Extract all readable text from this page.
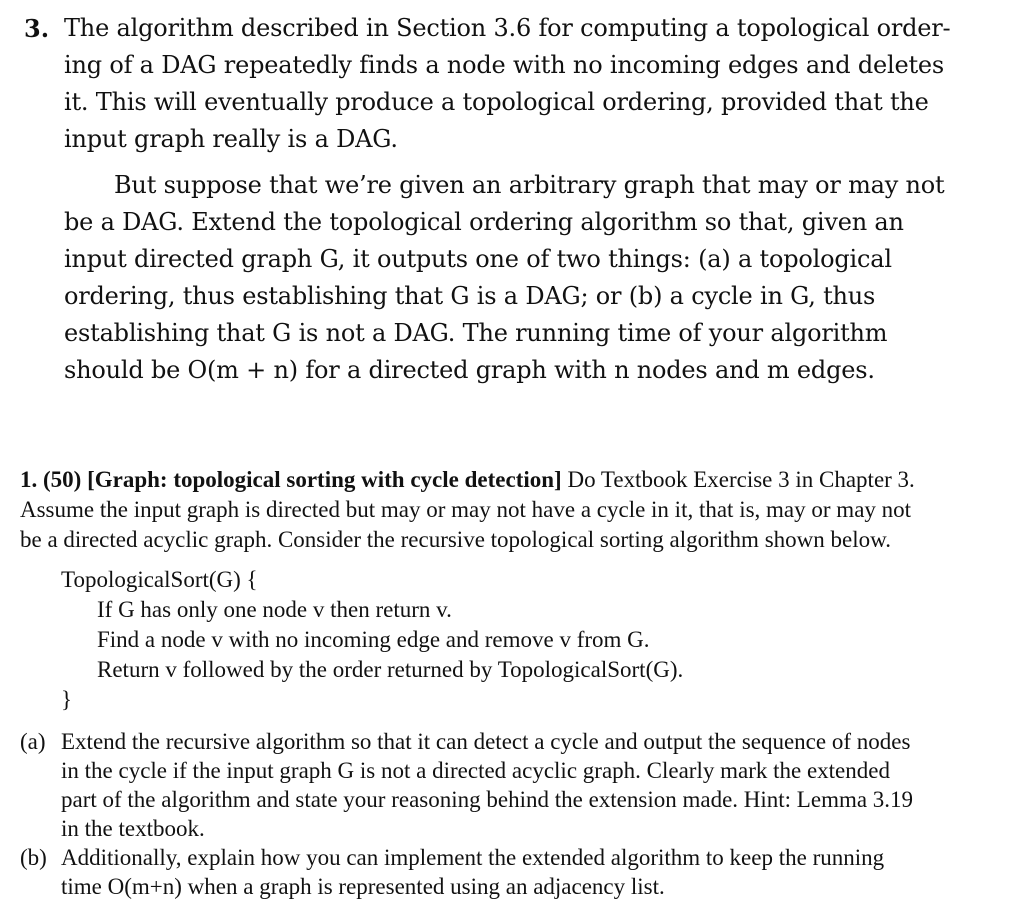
3. The algorithm described in Section 3.6 for computing a topological order-
ing of a DAG repeatedly finds a node with no incoming edges and deletes
it. This will eventually produce a topological ordering, provided that the
input graph really is a DAG.
But suppose that we’re given an arbitrary graph that may or may not
be a DAG. Extend the topological ordering algorithm so that, given an
input directed graph G, it outputs one of two things: (a) a topological
ordering, thus establishing that G is a DAG; or (b) a cycle in G, thus
establishing that G is not a DAG. The running time of your algorithm
should be O(m + n) for a directed graph with n nodes and m edges.
1. (50) [Graph: topological sorting with cycle detection] Do Textbook Exercise 3 in Chapter 3.
Assume the input graph is directed but may or may not have a cycle in it, that is, may or may not
be a directed acyclic graph. Consider the recursive topological sorting algorithm shown below.
TopologicalSort(G) {
If G has only one node v then return v.
Find a node v with no incoming edge and remove v from G.
Return v followed by the order returned by TopologicalSort(G).
}
(a) Extend the recursive algorithm so that it can detect a cycle and output the sequence of nodes
in the cycle if the input graph G is not a directed acyclic graph. Clearly mark the extended
part of the algorithm and state your reasoning behind the extension made. Hint: Lemma 3.19
in the textbook.
(b) Additionally, explain how you can implement the extended algorithm to keep the running
time O(m+n) when a graph is represented using an adjacency list.
